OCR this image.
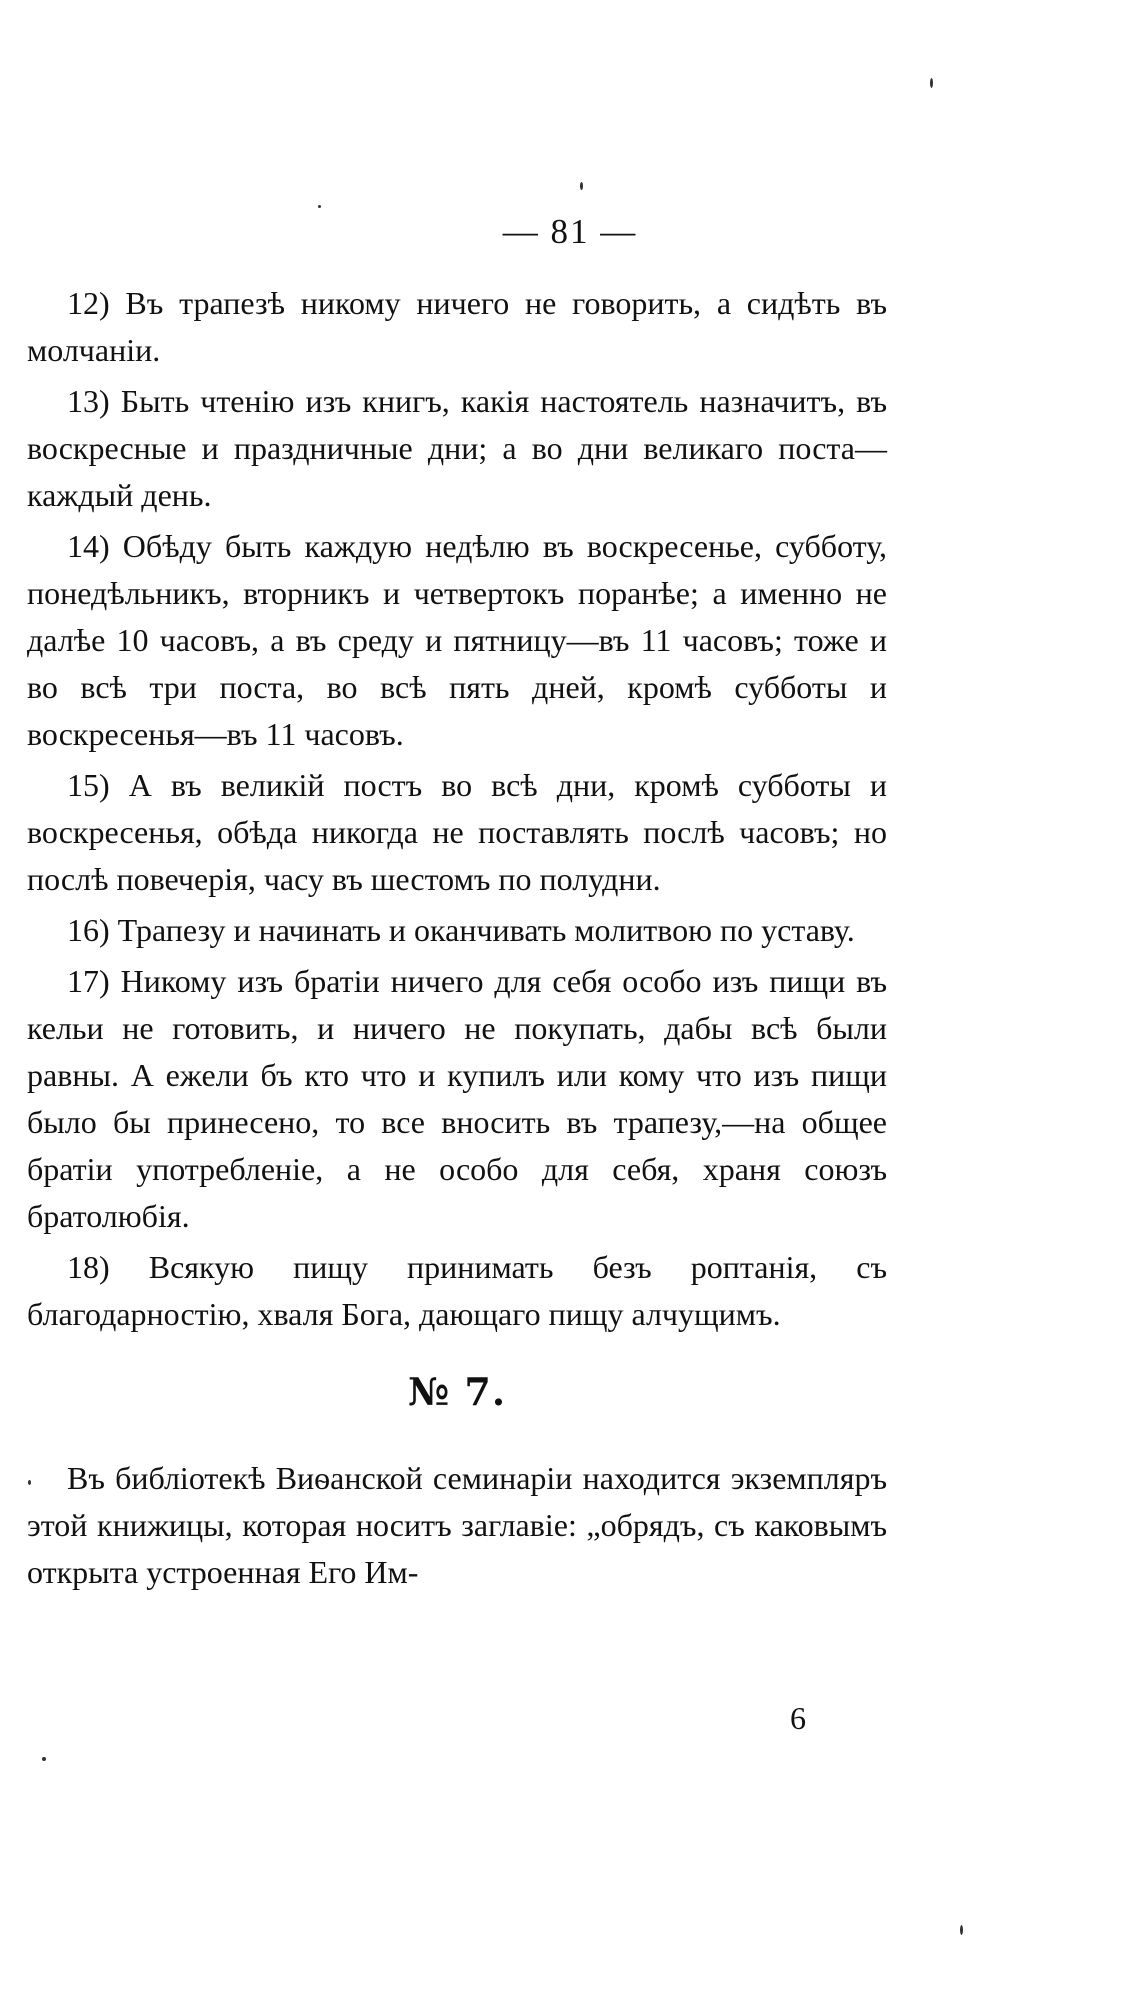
— 81 —

12) Въ трапезѣ никому ничего не говорить, а сидѣть въ молчаніи.

13) Быть чтенію изъ книгъ, какія настоятель назначитъ, въ воскресные и праздничные дни; а во дни великаго поста—каждый день.

14) Обѣду быть каждую недѣлю въ воскресенье, субботу, понедѣльникъ, вторникъ и четвертокъ поранѣе; а именно не далѣе 10 часовъ, а въ среду и пятницу—въ 11 часовъ; тоже и во всѣ три поста, во всѣ пять дней, кромѣ субботы и воскресенья—въ 11 часовъ.

15) А въ великій постъ во всѣ дни, кромѣ субботы и воскресенья, обѣда никогда не поставлять послѣ часовъ; но послѣ повечерія, часу въ шестомъ по полудни.

16) Трапезу и начинать и оканчивать молитвою по уставу.

17) Никому изъ братіи ничего для себя особо изъ пищи въ кельи не готовить, и ничего не покупать, дабы всѣ были равны. А ежели бъ кто что и купилъ или кому что изъ пищи было бы принесено, то все вносить въ трапезу,—на общее братіи употребленіе, а не особо для себя, храня союзъ братолюбія.

18) Всякую пищу принимать безъ роптанія, съ благодарностію, хваля Бога, дающаго пищу алчущимъ.

№ 7.

Въ библіотекѣ Виѳанской семинаріи находится экземпляръ этой книжицы, которая носитъ заглавіе: „обрядъ, съ каковымъ открыта устроенная Его Им-

6
